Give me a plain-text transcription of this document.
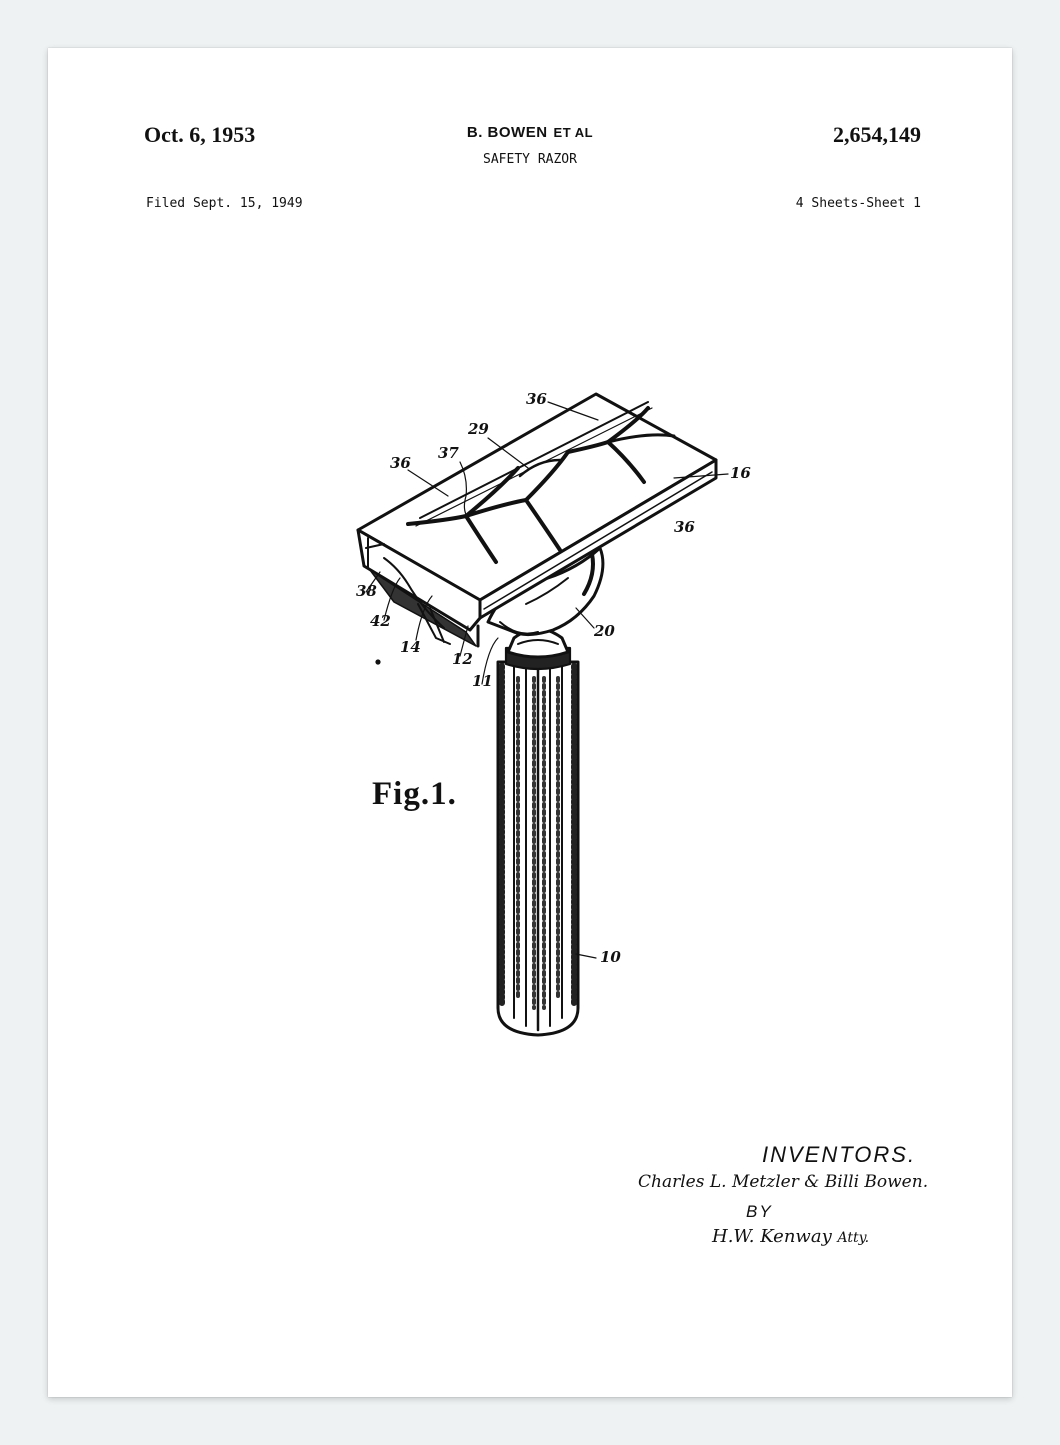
Oct. 6, 1953	B. BOWEN ET AL
SAFETY RAZOR
2,654,149
Filed Sept. 15, 1949	4 Sheets-Sheet 1
36
29
37
36
16
36
38
42
14
12
11
20
10
Fig.1.
INVENTORS.
Charles L. Metzler & Billi Bowen.
BY
H.W. Kenway Atty.
